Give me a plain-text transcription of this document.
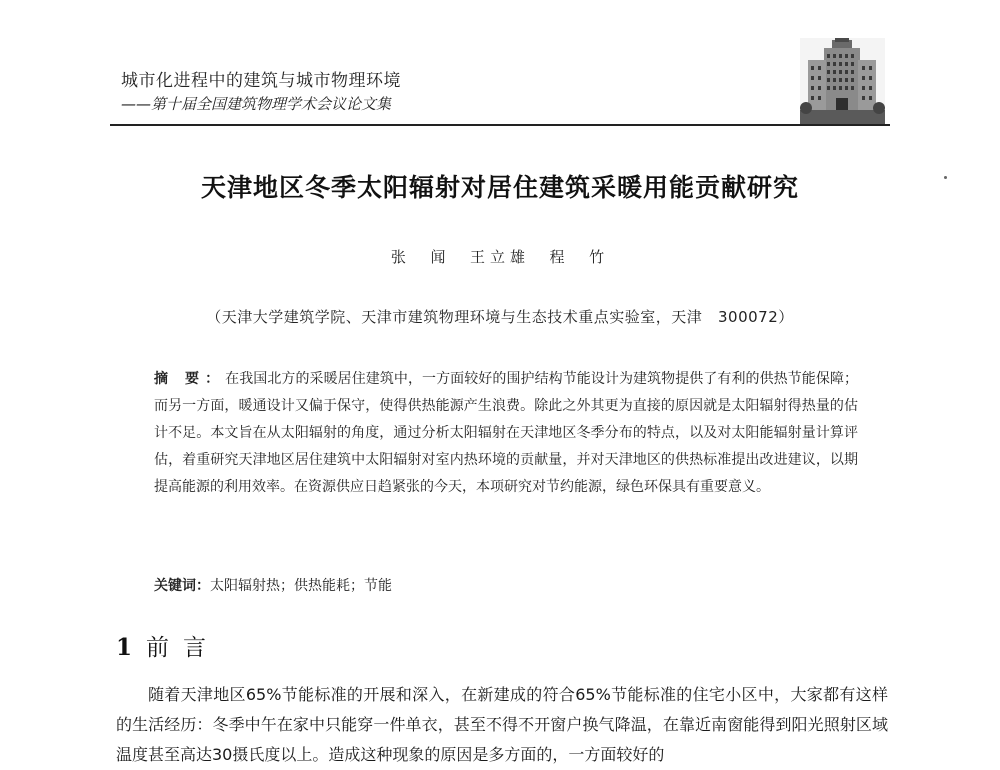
城市化进程中的建筑与城市物理环境
——第十届全国建筑物理学术会议论文集
天津地区冬季太阳辐射对居住建筑采暖用能贡献研究
张  闻  王立雄  程  竹
（天津大学建筑学院、天津市建筑物理环境与生态技术重点实验室，天津   300072）
摘 要：在我国北方的采暖居住建筑中，一方面较好的围护结构节能设计为建筑物提供了有利的供热节能保障；而另一方面，暖通设计又偏于保守，使得供热能源产生浪费。除此之外其更为直接的原因就是太阳辐射得热量的估计不足。本文旨在从太阳辐射的角度，通过分析太阳辐射在天津地区冬季分布的特点，以及对太阳能辐射量计算评估，着重研究天津地区居住建筑中太阳辐射对室内热环境的贡献量，并对天津地区的供热标准提出改进建议，以期提高能源的利用效率。在资源供应日趋紧张的今天，本项研究对节约能源，绿色环保具有重要意义。
关键词：太阳辐射热；供热能耗；节能
1 前言

随着天津地区65%节能标准的开展和深入，在新建成的符合65%节能标准的住宅小区中，大家都有这样的生活经历：冬季中午在家中只能穿一件单衣，甚至不得不开窗户换气降温，在靠近南窗能得到阳光照射区域温度甚至高达30摄氏度以上。造成这种现象的原因是多方面的，一方面较好的
